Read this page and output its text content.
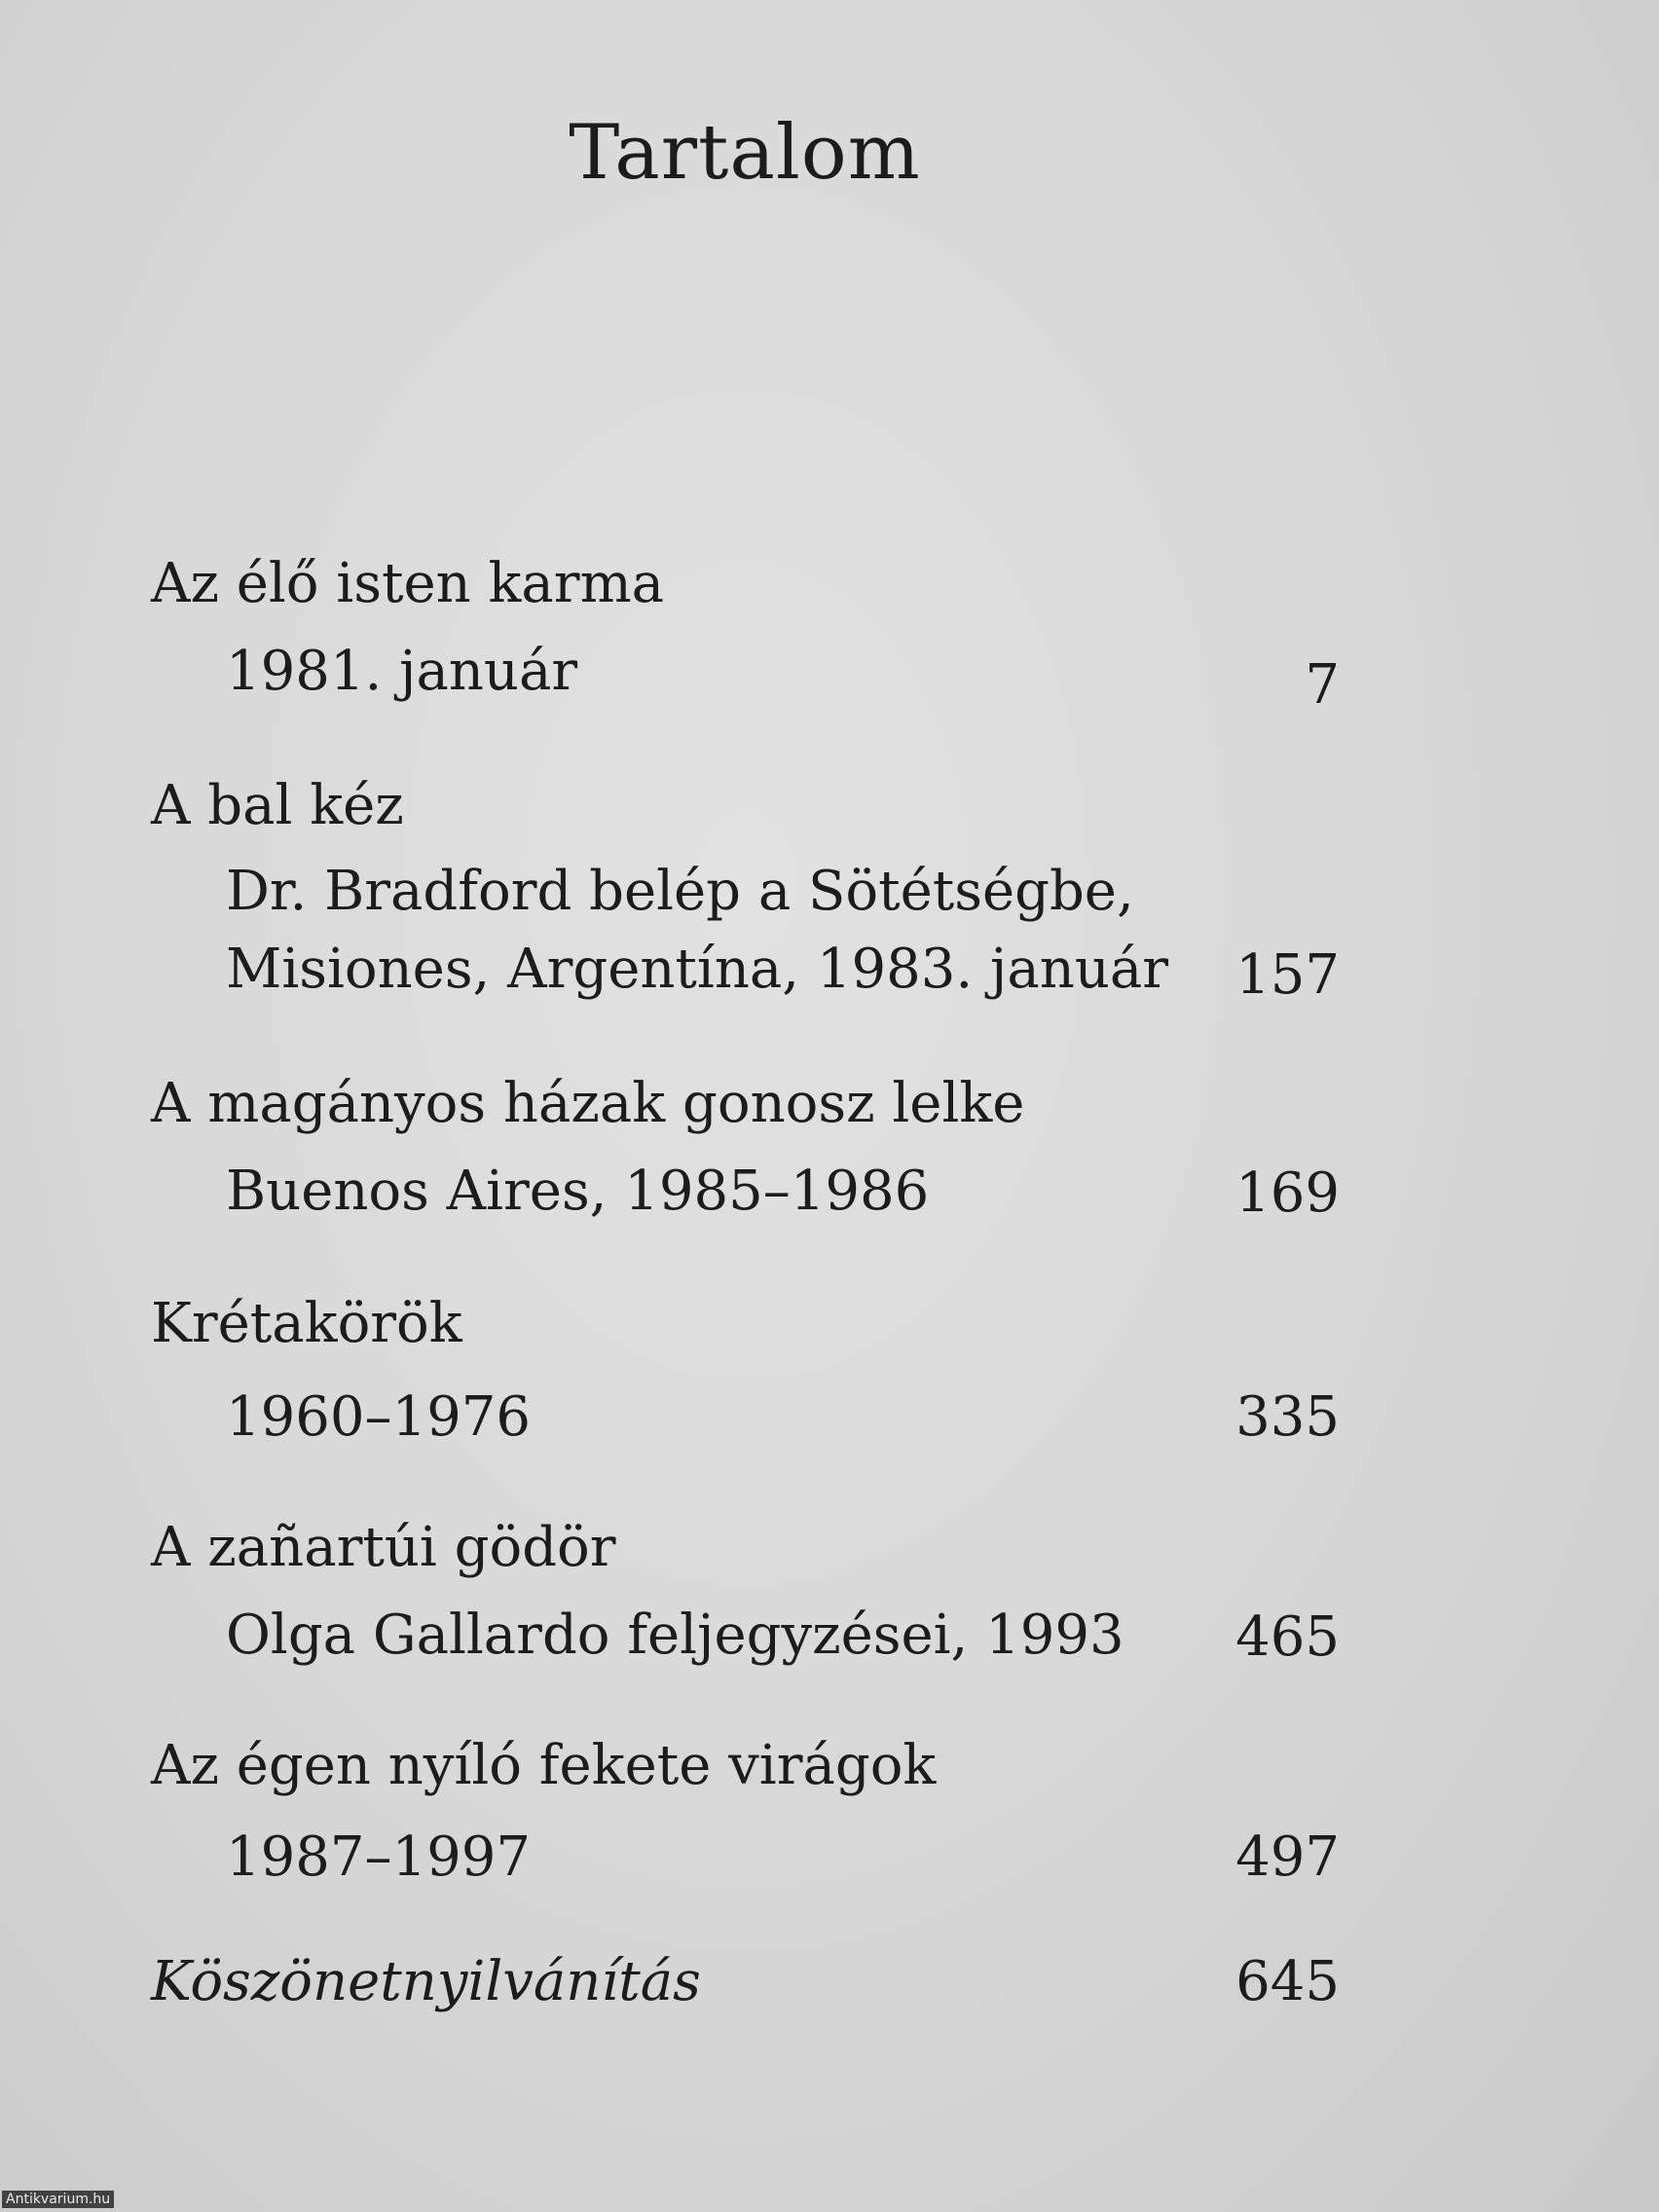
Tartalom
Az élő isten karma
1981. január	7
A bal kéz
Dr. Bradford belép a Sötétségbe,
Misiones, Argentína, 1983. január 157
A magányos házak gonosz lelke
Buenos Aires, 1985–1986	169
Krétakörök
1960–1976	335
A zañartúi gödör
Olga Gallardo feljegyzései, 1993 465
Az égen nyíló fekete virágok
1987–1997	497
Köszönetnyilvánítás	645
Antikvarium.hu
